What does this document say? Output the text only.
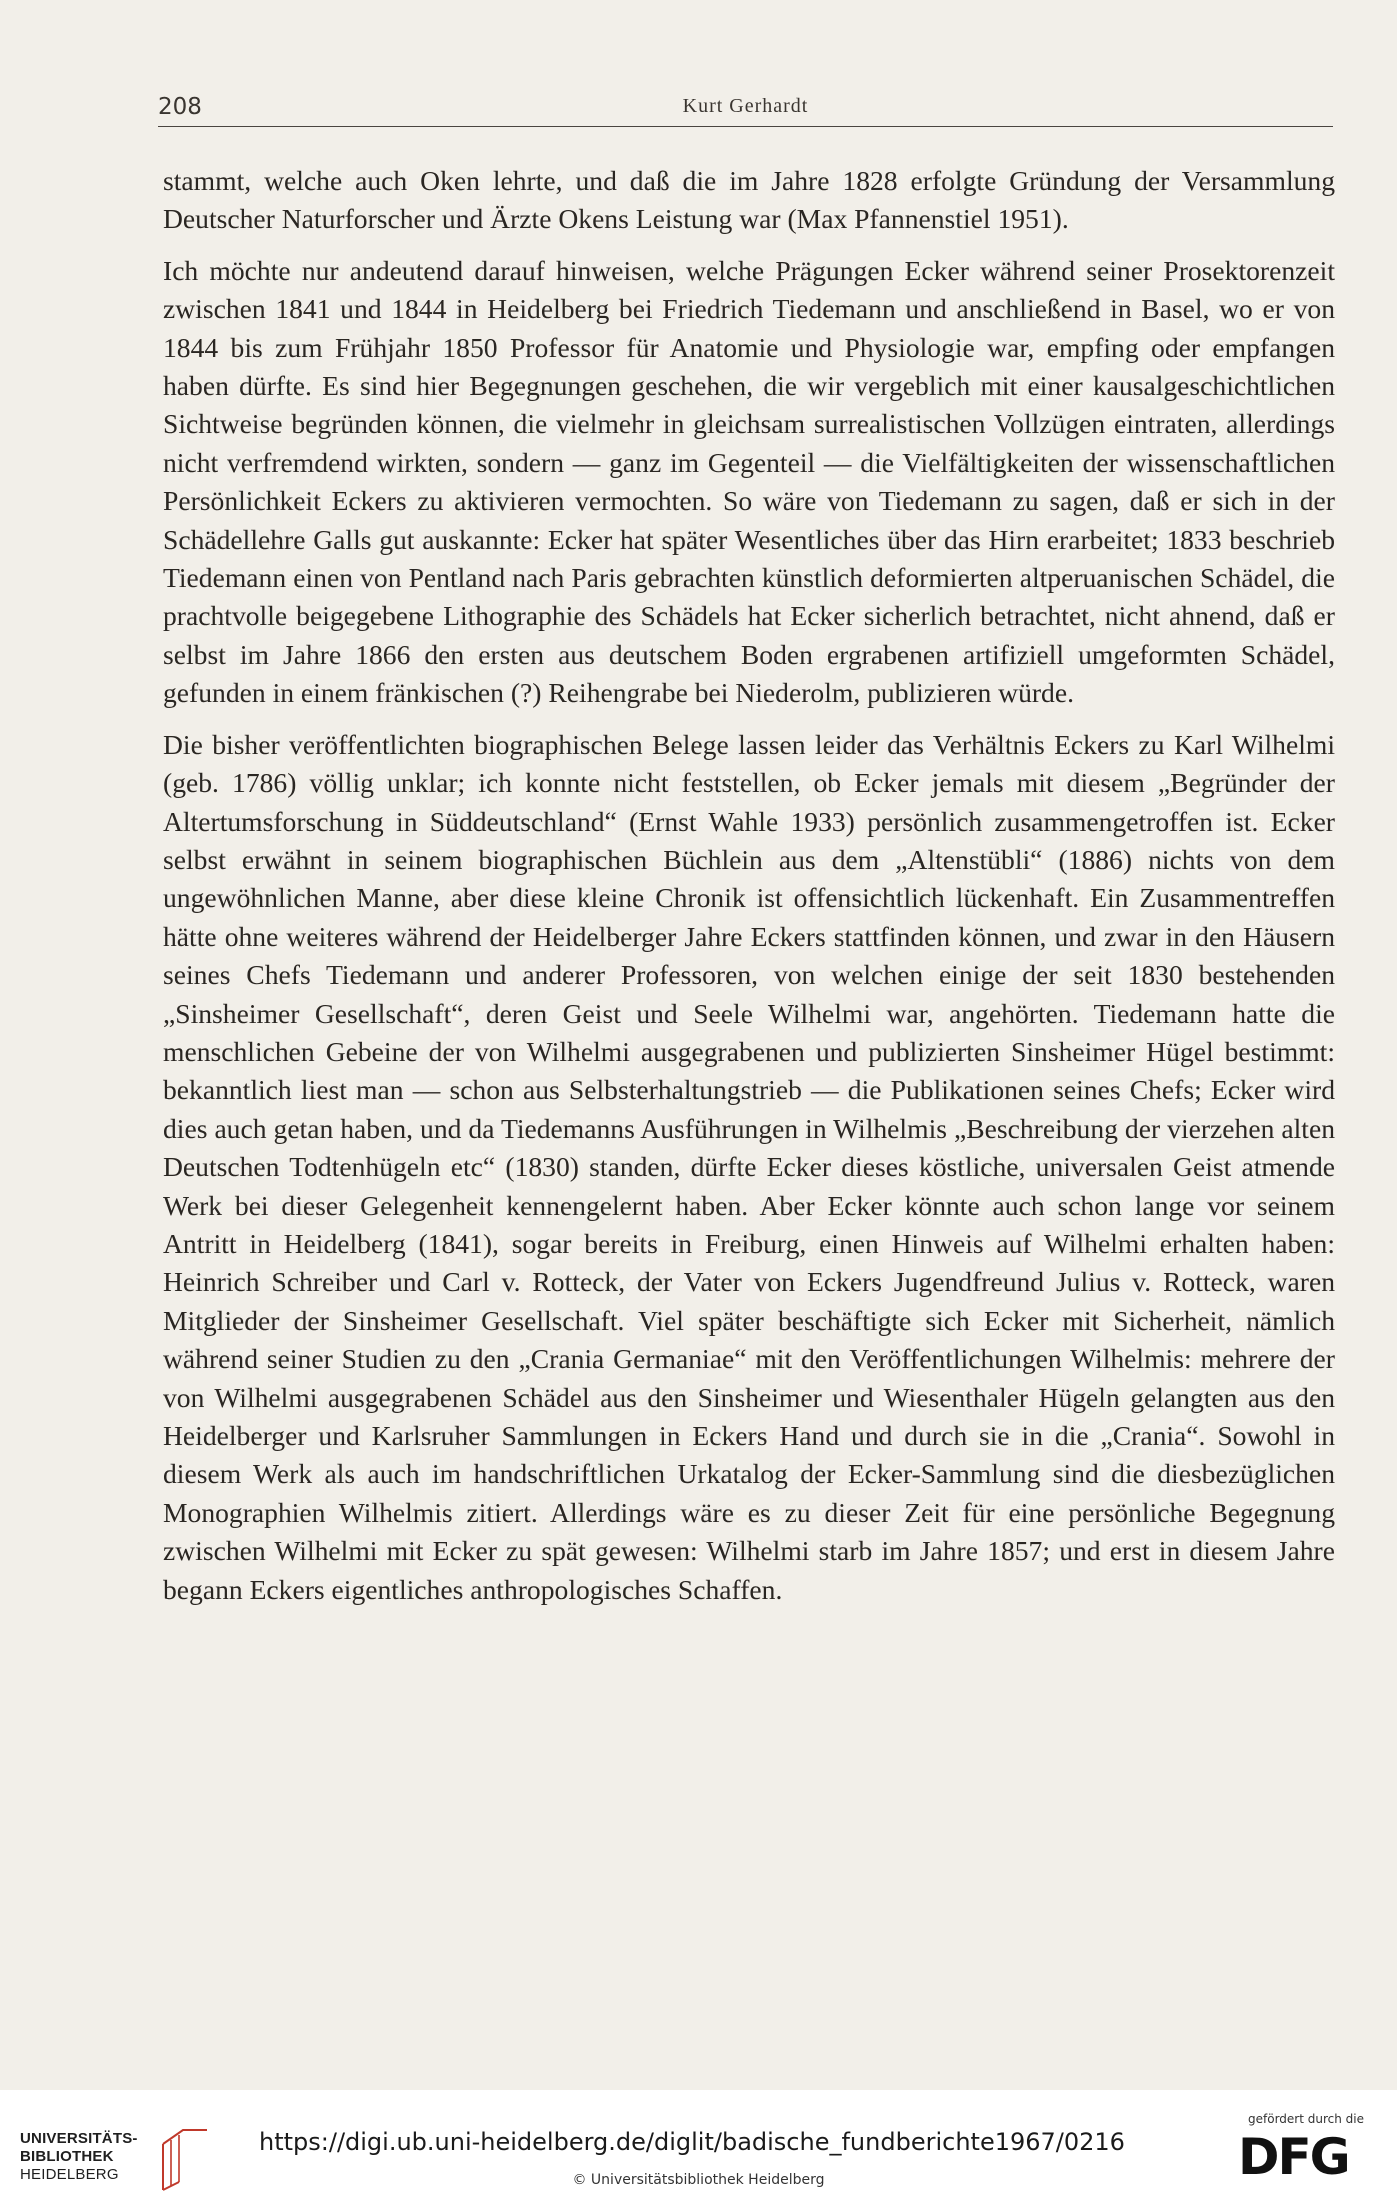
208	Kurt Gerhardt

stammt, welche auch Oken lehrte, und daß die im Jahre 1828 erfolgte Gründung der Versammlung Deutscher Naturforscher und Ärzte Okens Leistung war (Max Pfannenstiel 1951).

Ich möchte nur andeutend darauf hinweisen, welche Prägungen Ecker während seiner Prosektorenzeit zwischen 1841 und 1844 in Heidelberg bei Friedrich Tiedemann und anschließend in Basel, wo er von 1844 bis zum Frühjahr 1850 Professor für Anatomie und Physiologie war, empfing oder empfangen haben dürfte. Es sind hier Begegnungen geschehen, die wir vergeblich mit einer kausalgeschichtlichen Sichtweise begründen können, die vielmehr in gleichsam surrealistischen Vollzügen eintraten, allerdings nicht verfremdend wirkten, sondern — ganz im Gegenteil — die Vielfältigkeiten der wissenschaftlichen Persönlichkeit Eckers zu aktivieren vermochten. So wäre von Tiedemann zu sagen, daß er sich in der Schädellehre Galls gut auskannte: Ecker hat später Wesentliches über das Hirn erarbeitet; 1833 beschrieb Tiedemann einen von Pentland nach Paris gebrachten künstlich deformierten altperuanischen Schädel, die prachtvolle beigegebene Lithographie des Schädels hat Ecker sicherlich betrachtet, nicht ahnend, daß er selbst im Jahre 1866 den ersten aus deutschem Boden ergrabenen artifiziell umgeformten Schädel, gefunden in einem fränkischen (?) Reihengrabe bei Niederolm, publizieren würde.

Die bisher veröffentlichten biographischen Belege lassen leider das Verhältnis Eckers zu Karl Wilhelmi (geb. 1786) völlig unklar; ich konnte nicht feststellen, ob Ecker jemals mit diesem „Begründer der Altertumsforschung in Süddeutschland“ (Ernst Wahle 1933) persönlich zusammengetroffen ist. Ecker selbst erwähnt in seinem biographischen Büchlein aus dem „Altenstübli“ (1886) nichts von dem ungewöhnlichen Manne, aber diese kleine Chronik ist offensichtlich lückenhaft. Ein Zusammentreffen hätte ohne weiteres während der Heidelberger Jahre Eckers stattfinden können, und zwar in den Häusern seines Chefs Tiedemann und anderer Professoren, von welchen einige der seit 1830 bestehenden „Sinsheimer Gesellschaft“, deren Geist und Seele Wilhelmi war, angehörten. Tiedemann hatte die menschlichen Gebeine der von Wilhelmi ausgegrabenen und publizierten Sinsheimer Hügel bestimmt: bekanntlich liest man — schon aus Selbsterhaltungstrieb — die Publikationen seines Chefs; Ecker wird dies auch getan haben, und da Tiedemanns Ausführungen in Wilhelmis „Beschreibung der vierzehen alten Deutschen Todtenhügeln etc“ (1830) standen, dürfte Ecker dieses köstliche, universalen Geist atmende Werk bei dieser Gelegenheit kennengelernt haben. Aber Ecker könnte auch schon lange vor seinem Antritt in Heidelberg (1841), sogar bereits in Freiburg, einen Hinweis auf Wilhelmi erhalten haben: Heinrich Schreiber und Carl v. Rotteck, der Vater von Eckers Jugendfreund Julius v. Rotteck, waren Mitglieder der Sinsheimer Gesellschaft. Viel später beschäftigte sich Ecker mit Sicherheit, nämlich während seiner Studien zu den „Crania Germaniae“ mit den Veröffentlichungen Wilhelmis: mehrere der von Wilhelmi ausgegrabenen Schädel aus den Sinsheimer und Wiesenthaler Hügeln gelangten aus den Heidelberger und Karlsruher Sammlungen in Eckers Hand und durch sie in die „Crania“. Sowohl in diesem Werk als auch im handschriftlichen Urkatalog der Ecker-Sammlung sind die diesbezüglichen Monographien Wilhelmis zitiert. Allerdings wäre es zu dieser Zeit für eine persönliche Begegnung zwischen Wilhelmi mit Ecker zu spät gewesen: Wilhelmi starb im Jahre 1857; und erst in diesem Jahre begann Eckers eigentliches anthropologisches Schaffen.

UNIVERSITÄTS-
BIBLIOTHEK
HEIDELBERG
https://digi.ub.uni-heidelberg.de/diglit/badische_fundberichte1967/0216
© Universitätsbibliothek Heidelberg
gefördert durch die
DFG
